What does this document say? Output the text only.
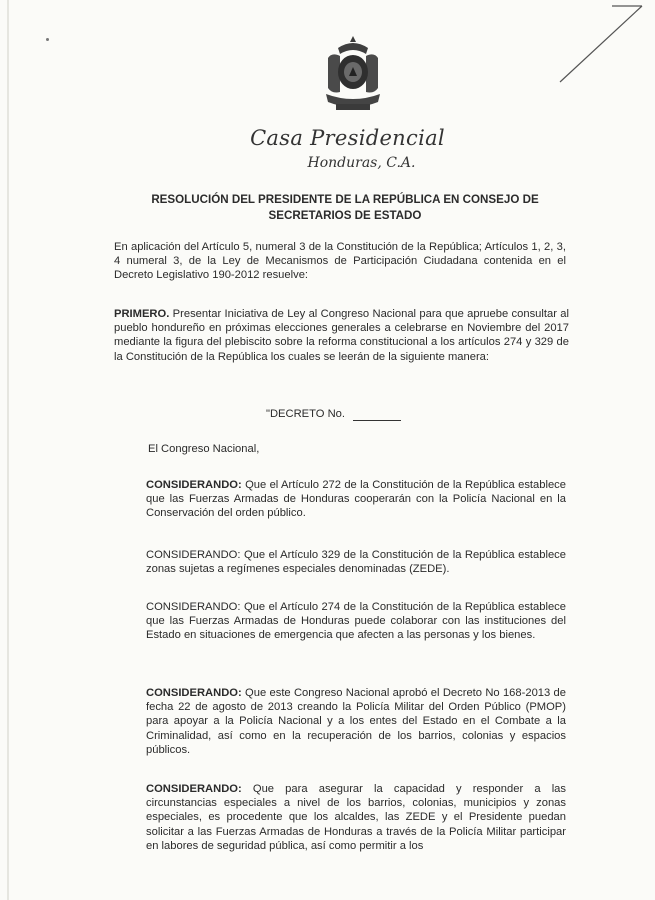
Casa Presidencial
Honduras, C.A.
RESOLUCIÓN DEL PRESIDENTE DE LA REPÚBLICA EN CONSEJO DE
SECRETARIOS DE ESTADO

En aplicación del Artículo 5, numeral 3 de la Constitución de la República; Artículos 1, 2, 3, 4 numeral 3, de la Ley de Mecanismos de Participación Ciudadana contenida en el Decreto Legislativo 190-2012 resuelve:

PRIMERO. Presentar Iniciativa de Ley al Congreso Nacional para que apruebe consultar al pueblo hondureño en próximas elecciones generales a celebrarse en Noviembre del 2017 mediante la figura del plebiscito sobre la reforma constitucional a los artículos 274 y 329 de la Constitución de la República los cuales se leerán de la siguiente manera:

"DECRETO No.
El Congreso Nacional,

CONSIDERANDO: Que el Artículo 272 de la Constitución de la República establece que las Fuerzas Armadas de Honduras cooperarán con la Policía Nacional en la Conservación del orden público.

CONSIDERANDO: Que el Artículo 329 de la Constitución de la República establece zonas sujetas a regímenes especiales denominadas (ZEDE).

CONSIDERANDO: Que el Artículo 274 de la Constitución de la República establece que las Fuerzas Armadas de Honduras puede colaborar con las instituciones del Estado en situaciones de emergencia que afecten a las personas y los bienes.

CONSIDERANDO: Que este Congreso Nacional aprobó el Decreto No 168-2013 de fecha 22 de agosto de 2013 creando la Policía Militar del Orden Público (PMOP) para apoyar a la Policía Nacional y a los entes del Estado en el Combate a la Criminalidad, así como en la recuperación de los barrios, colonias y espacios públicos.

CONSIDERANDO: Que para asegurar la capacidad y responder a las circunstancias especiales a nivel de los barrios, colonias, municipios y zonas especiales, es procedente que los alcaldes, las ZEDE y el Presidente puedan solicitar a las Fuerzas Armadas de Honduras a través de la Policía Militar participar en labores de seguridad pública, así como permitir a los
